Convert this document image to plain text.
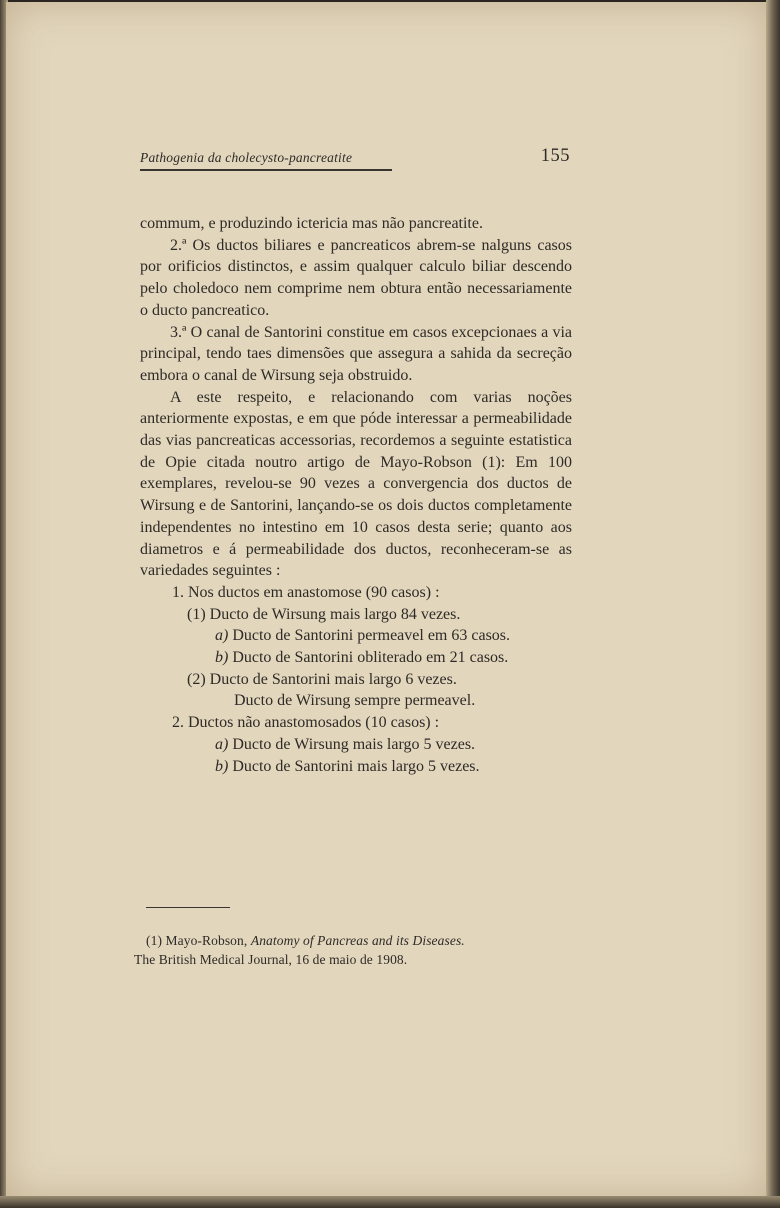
Pathogenia da cholecysto-pancreatite	155

commum, e produzindo ictericia mas não pancreatite.

2.ª Os ductos biliares e pancreaticos abrem-se nalguns casos por orificios distinctos, e assim qualquer calculo biliar descendo pelo choledoco nem comprime nem obtura então necessariamente o ducto pancreatico.

3.ª O canal de Santorini constitue em casos excepcionaes a via principal, tendo taes dimensões que assegura a sahida da secreção embora o canal de Wirsung seja obstruido.

A este respeito, e relacionando com varias noções anteriormente expostas, e em que póde interessar a permeabilidade das vias pancreaticas accessorias, recordemos a seguinte estatistica de Opie citada noutro artigo de Mayo-Robson (1): Em 100 exemplares, revelou-se 90 vezes a convergencia dos ductos de Wirsung e de Santorini, lançando-se os dois ductos completamente independentes no intestino em 10 casos desta serie; quanto aos diametros e á permeabilidade dos ductos, reconheceram-se as variedades seguintes :

1. Nos ductos em anastomose (90 casos) :
(1) Ducto de Wirsung mais largo 84 vezes.
a) Ducto de Santorini permeavel em 63 casos.
b) Ducto de Santorini obliterado em 21 casos.
(2) Ducto de Santorini mais largo 6 vezes.
Ducto de Wirsung sempre permeavel.
2. Ductos não anastomosados (10 casos) :
a) Ducto de Wirsung mais largo 5 vezes.
b) Ducto de Santorini mais largo 5 vezes.
(1) Mayo-Robson, Anatomy of Pancreas and its Diseases.
The British Medical Journal, 16 de maio de 1908.
